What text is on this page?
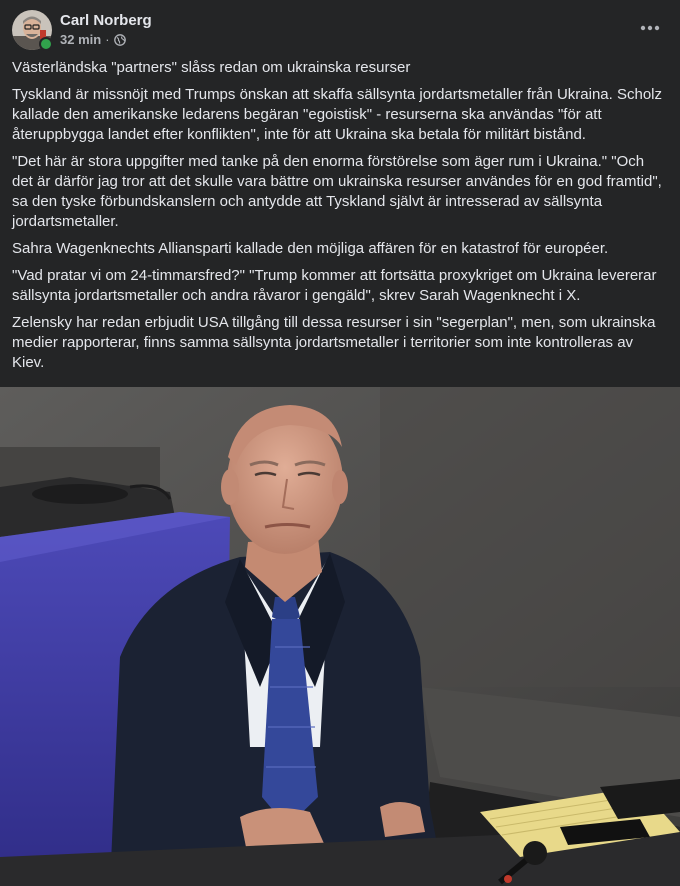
Carl Norberg
32 min ·

Västerländska "partners" slåss redan om ukrainska resurser

Tyskland är missnöjt med Trumps önskan att skaffa sällsynta jordartsmetaller från Ukraina. Scholz kallade den amerikanske ledarens begäran "egoistisk" - resurserna ska användas "för att återuppbygga landet efter konflikten", inte för att Ukraina ska betala för militärt bistånd.

"Det här är stora uppgifter med tanke på den enorma förstörelse som äger rum i Ukraina." "Och det är därför jag tror att det skulle vara bättre om ukrainska resurser användes för en god framtid", sa den tyske förbundskanslern och antydde att Tyskland självt är intresserad av sällsynta jordartsmetaller.

Sahra Wagenknechts Alliansparti kallade den möjliga affären för en katastrof för européer.

"Vad pratar vi om 24-timmarsfred?" "Trump kommer att fortsätta proxykriget om Ukraina levererar sällsynta jordartsmetaller och andra råvaror i gengäld", skrev Sarah Wagenknecht i X.

Zelensky har redan erbjudit USA tillgång till dessa resurser i sin "segerplan", men, som ukrainska medier rapporterar, finns samma sällsynta jordartsmetaller i territorier som inte kontrolleras av Kiev.
